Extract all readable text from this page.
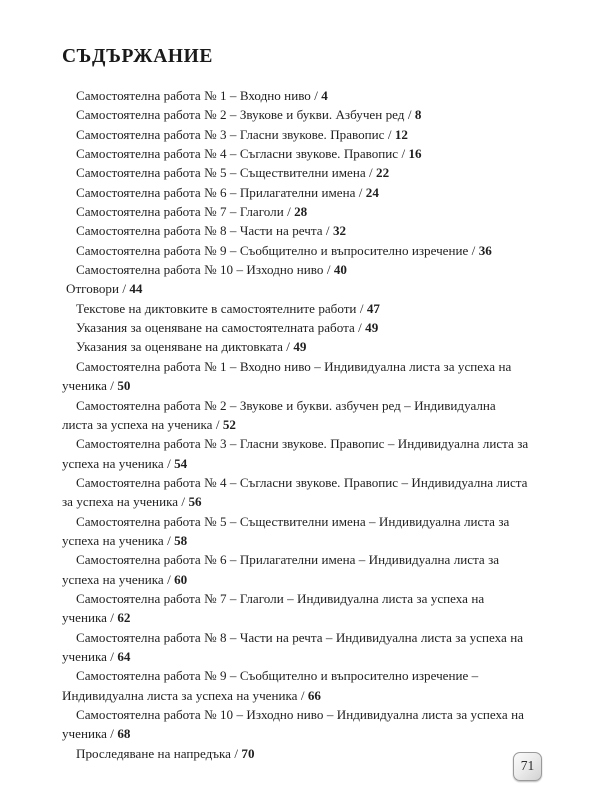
СЪДЪРЖАНИЕ

Самостоятелна работа № 1 – Входно ниво / 4

Самостоятелна работа № 2 – Звукове и букви. Азбучен ред / 8

Самостоятелна работа № 3 – Гласни звукове. Правопис / 12

Самостоятелна работа № 4 – Съгласни звукове. Правопис / 16

Самостоятелна работа № 5 – Съществителни имена / 22

Самостоятелна работа № 6 – Прилагателни имена / 24

Самостоятелна работа № 7 – Глаголи / 28

Самостоятелна работа № 8 – Части на речта / 32

Самостоятелна работа № 9 – Съобщително и въпросително изречение / 36

Самостоятелна работа № 10 – Изходно ниво / 40

Отговори / 44

Текстове на диктовките в самостоятелните работи / 47

Указания за оценяване на самостоятелната работа / 49

Указания за оценяване на диктовката / 49

Самостоятелна работа № 1 – Входно ниво – Индивидуална листа за успеха на ученика / 50

Самостоятелна работа № 2 – Звукове и букви. азбучен ред – Индивидуална листа за успеха на ученика / 52

Самостоятелна работа № 3 – Гласни звукове. Правопис – Индивидуална листа за успеха на ученика / 54

Самостоятелна работа № 4 – Съгласни звукове. Правопис – Индивидуална листа за успеха на ученика / 56

Самостоятелна работа № 5 – Съществителни имена – Индивидуална листа за успеха на ученика / 58

Самостоятелна работа № 6 – Прилагателни имена – Индивидуална листа за успеха на ученика / 60

Самостоятелна работа № 7 – Глаголи – Индивидуална листа за успеха на ученика / 62

Самостоятелна работа № 8 – Части на речта – Индивидуална листа за успеха на ученика / 64

Самостоятелна работа № 9 – Съобщително и въпросително изречение – Индивидуална листа за успеха на ученика / 66

Самостоятелна работа № 10 – Изходно ниво – Индивидуална листа за успеха на ученика / 68

Проследяване на напредъка / 70

71
